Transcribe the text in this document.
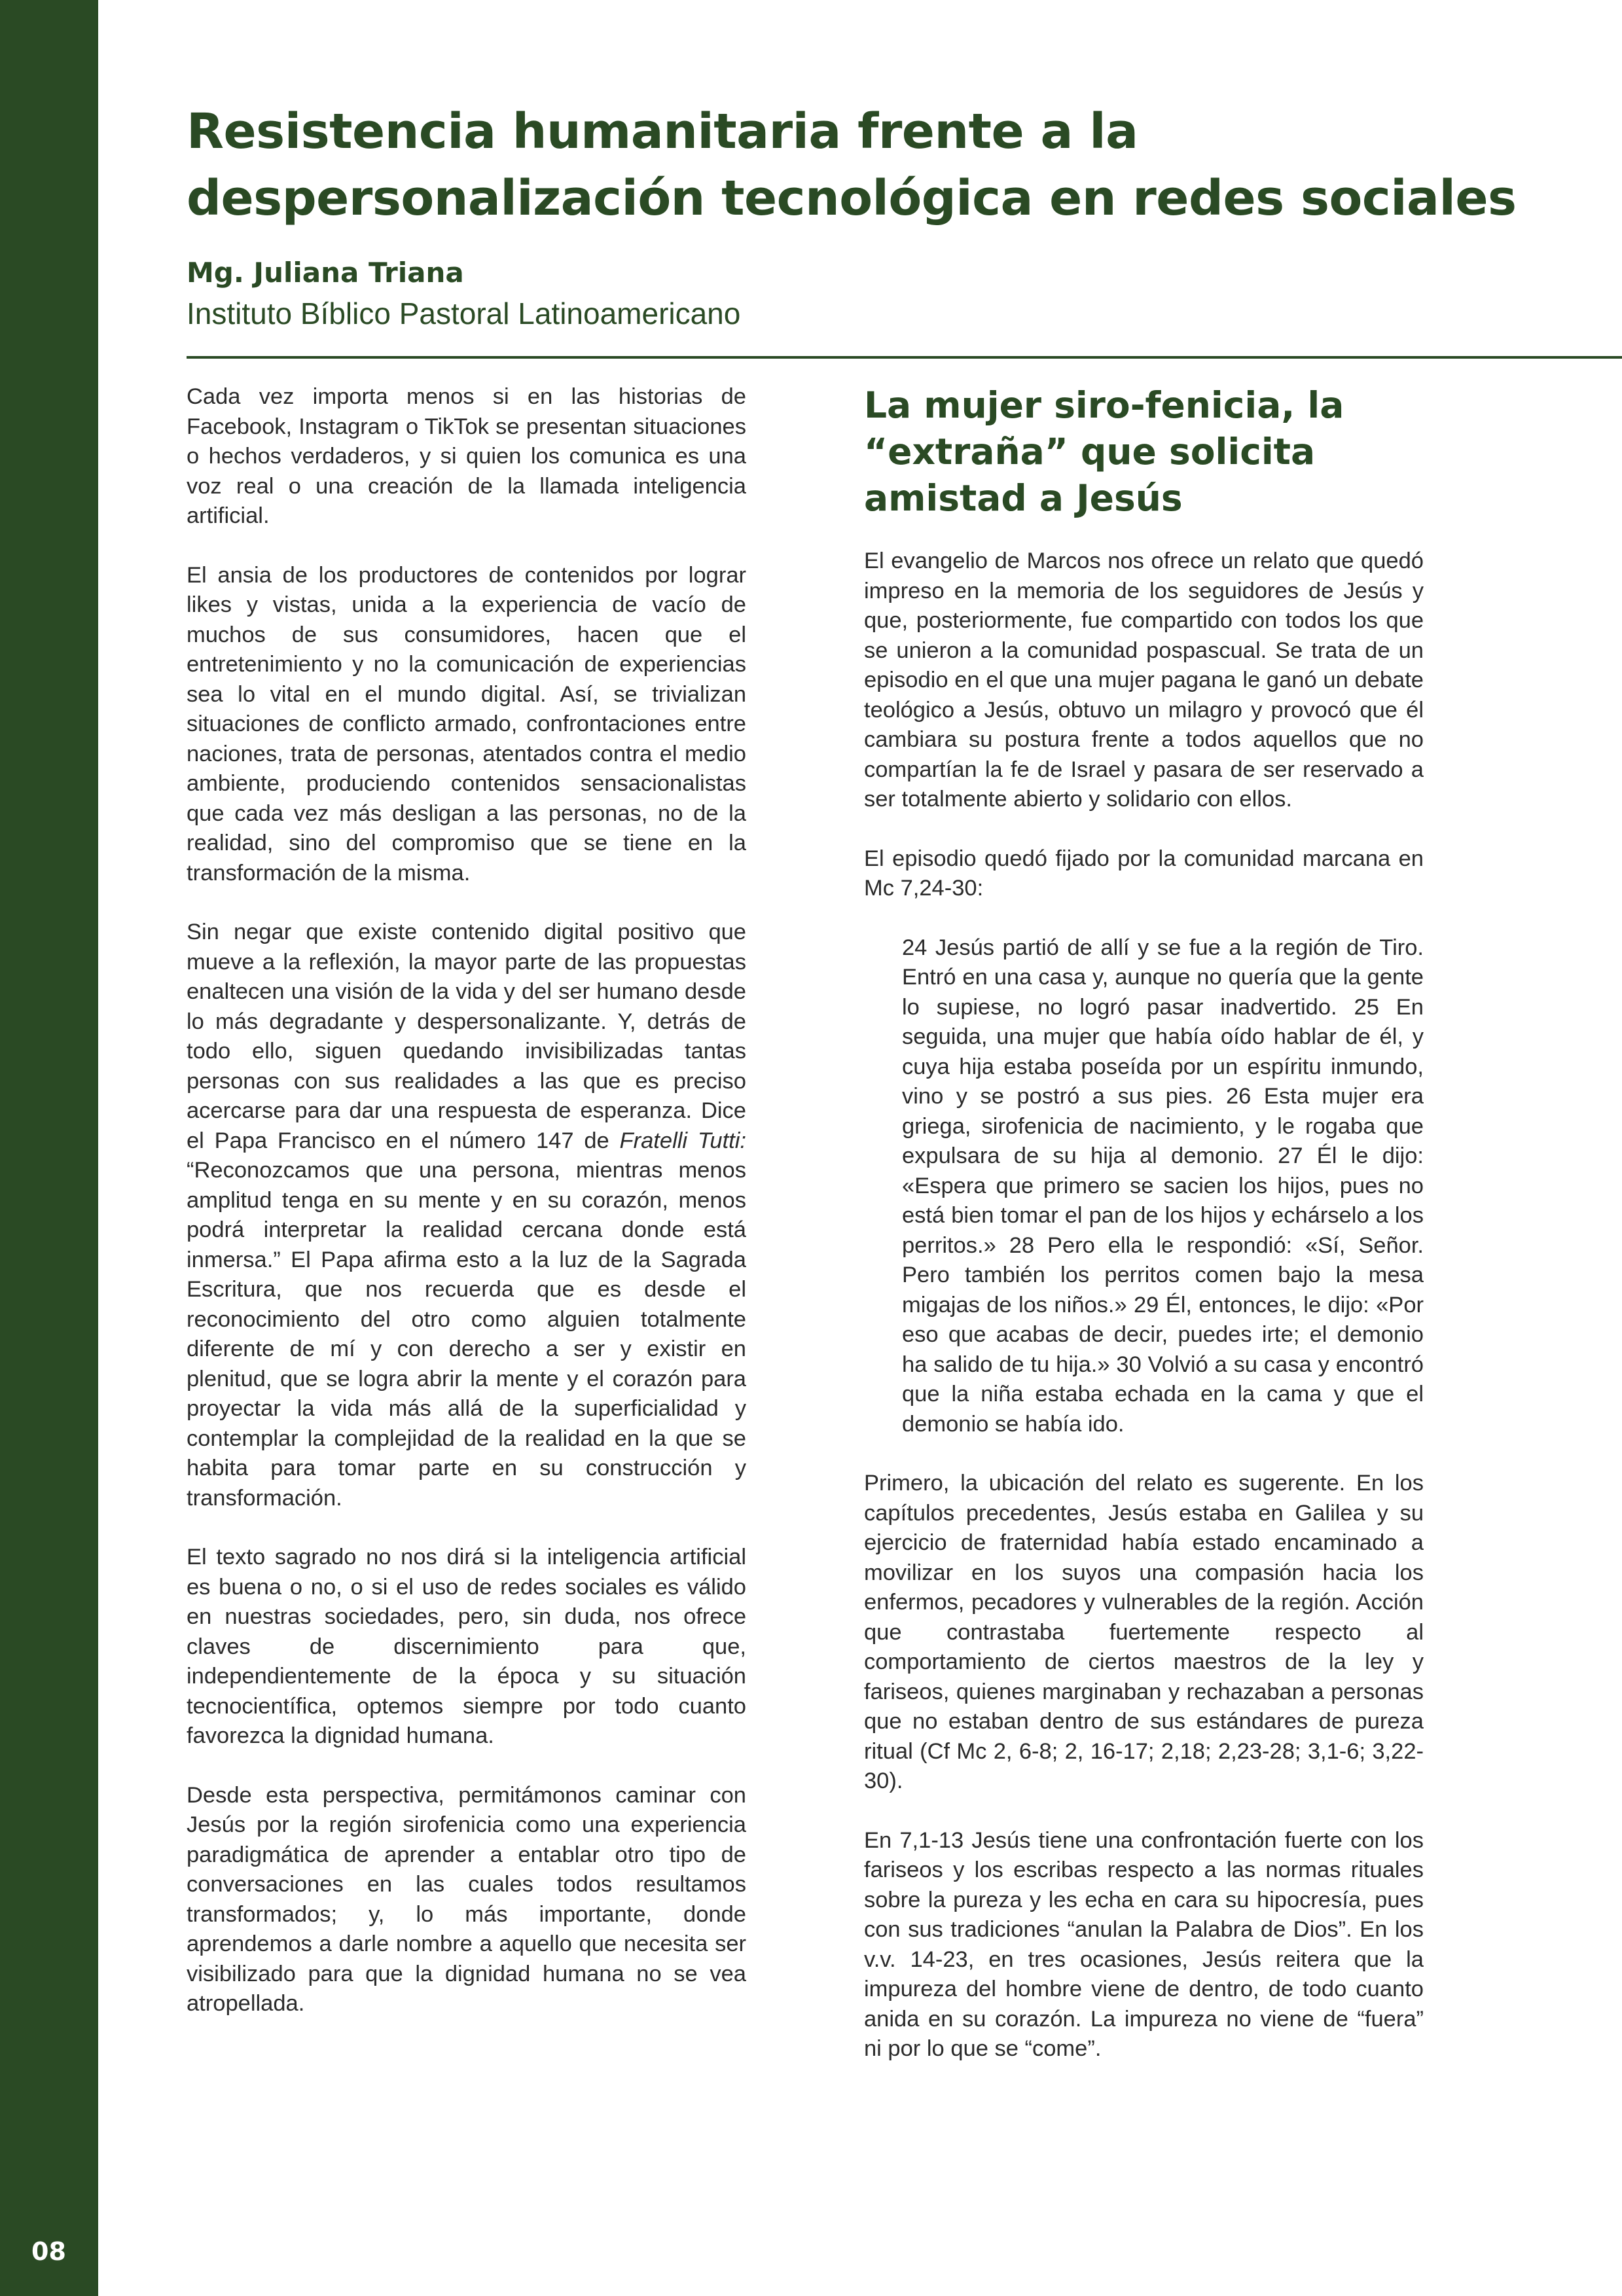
08
Resistencia humanitaria frente a la despersonalización tecnológica en redes sociales
Mg. Juliana Triana
Instituto Bíblico Pastoral Latinoamericano

Cada vez importa menos si en las historias de Facebook, Instagram o TikTok se presentan situaciones o hechos verdaderos, y si quien los comunica es una voz real o una creación de la llamada inteligencia artificial.

El ansia de los productores de contenidos por lograr likes y vistas, unida a la experiencia de vacío de muchos de sus consumidores, hacen que el entretenimiento y no la comunicación de experiencias sea lo vital en el mundo digital. Así, se trivializan situaciones de conflicto armado, confrontaciones entre naciones, trata de personas, atentados contra el medio ambiente, produciendo contenidos sensacionalistas que cada vez más desligan a las personas, no de la realidad, sino del compromiso que se tiene en la transformación de la misma.

Sin negar que existe contenido digital positivo que mueve a la reflexión, la mayor parte de las propuestas enaltecen una visión de la vida y del ser humano desde lo más degradante y despersonalizante. Y, detrás de todo ello, siguen quedando invisibilizadas tantas personas con sus realidades a las que es preciso acercarse para dar una respuesta de esperanza. Dice el Papa Francisco en el número 147 de Fratelli Tutti: “Reconozcamos que una persona, mientras menos amplitud tenga en su mente y en su corazón, menos podrá interpretar la realidad cercana donde está inmersa.” El Papa afirma esto a la luz de la Sagrada Escritura, que nos recuerda que es desde el reconocimiento del otro como alguien totalmente diferente de mí y con derecho a ser y existir en plenitud, que se logra abrir la mente y el corazón para proyectar la vida más allá de la superficialidad y contemplar la complejidad de la realidad en la que se habita para tomar parte en su construcción y transformación.

El texto sagrado no nos dirá si la inteligencia artificial es buena o no, o si el uso de redes sociales es válido en nuestras sociedades, pero, sin duda, nos ofrece claves de discernimiento para que, independientemente de la época y su situación tecnocientífica, optemos siempre por todo cuanto favorezca la dignidad humana.

Desde esta perspectiva, permitámonos caminar con Jesús por la región sirofenicia como una experiencia paradigmática de aprender a entablar otro tipo de conversaciones en las cuales todos resultamos transformados; y, lo más importante, donde aprendemos a darle nombre a aquello que necesita ser visibilizado para que la dignidad humana no se vea atropellada.

La mujer siro-fenicia, la “extraña” que solicita amistad a Jesús

El evangelio de Marcos nos ofrece un relato que quedó impreso en la memoria de los seguidores de Jesús y que, posteriormente, fue compartido con todos los que se unieron a la comunidad pospascual. Se trata de un episodio en el que una mujer pagana le ganó un debate teológico a Jesús, obtuvo un milagro y provocó que él cambiara su postura frente a todos aquellos que no compartían la fe de Israel y pasara de ser reservado a ser totalmente abierto y solidario con ellos.

El episodio quedó fijado por la comunidad marcana en Mc 7,24-30:

24 Jesús partió de allí y se fue a la región de Tiro. Entró en una casa y, aunque no quería que la gente lo supiese, no logró pasar inadvertido. 25 En seguida, una mujer que había oído hablar de él, y cuya hija estaba poseída por un espíritu inmundo, vino y se postró a sus pies. 26 Esta mujer era griega, sirofenicia de nacimiento, y le rogaba que expulsara de su hija al demonio. 27 Él le dijo: «Espera que primero se sacien los hijos, pues no está bien tomar el pan de los hijos y echárselo a los perritos.» 28 Pero ella le respondió: «Sí, Señor. Pero también los perritos comen bajo la mesa migajas de los niños.» 29 Él, entonces, le dijo: «Por eso que acabas de decir, puedes irte; el demonio ha salido de tu hija.» 30 Volvió a su casa y encontró que la niña estaba echada en la cama y que el demonio se había ido.

Primero, la ubicación del relato es sugerente. En los capítulos precedentes, Jesús estaba en Galilea y su ejercicio de fraternidad había estado encaminado a movilizar en los suyos una compasión hacia los enfermos, pecadores y vulnerables de la región. Acción que contrastaba fuertemente respecto al comportamiento de ciertos maestros de la ley y fariseos, quienes marginaban y rechazaban a personas que no estaban dentro de sus estándares de pureza ritual (Cf Mc 2, 6-8; 2, 16-17; 2,18; 2,23-28; 3,1-6; 3,22-30).

En 7,1-13 Jesús tiene una confrontación fuerte con los fariseos y los escribas respecto a las normas rituales sobre la pureza y les echa en cara su hipocresía, pues con sus tradiciones “anulan la Palabra de Dios”. En los v.v. 14-23, en tres ocasiones, Jesús reitera que la impureza del hombre viene de dentro, de todo cuanto anida en su corazón. La impureza no viene de “fuera” ni por lo que se “come”.
